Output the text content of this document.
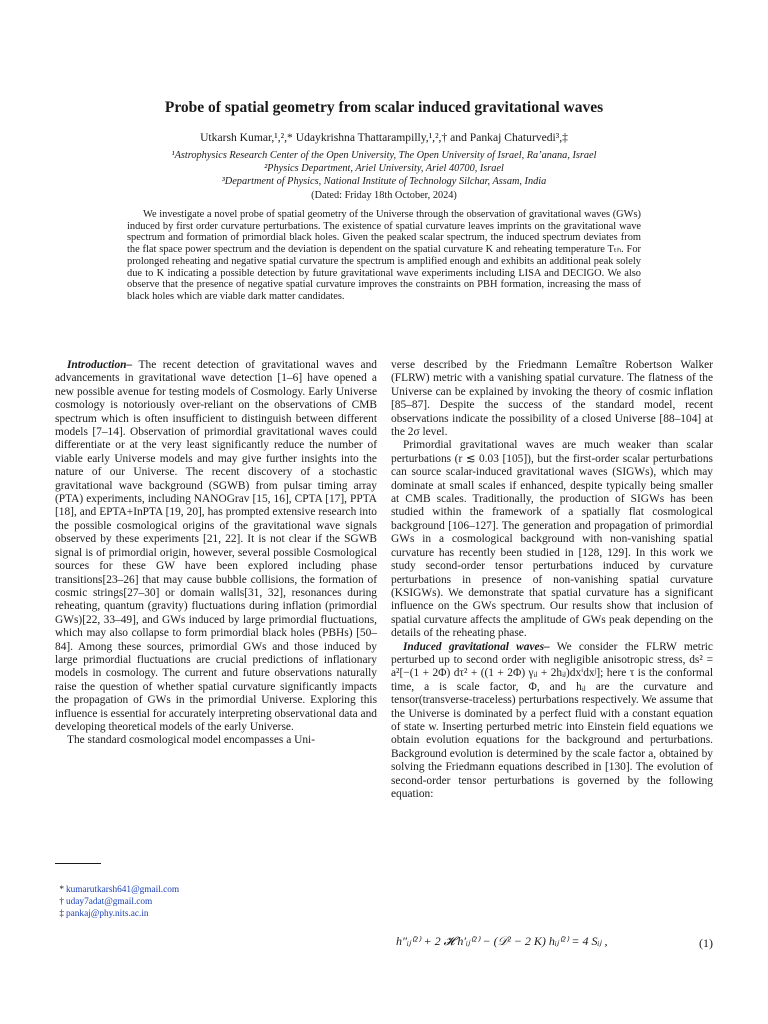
Probe of spatial geometry from scalar induced gravitational waves
Utkarsh Kumar,¹,²,* Udaykrishna Thattarampilly,¹,²,† and Pankaj Chaturvedi³,‡
¹Astrophysics Research Center of the Open University, The Open University of Israel, Ra’anana, Israel
²Physics Department, Ariel University, Ariel 40700, Israel
³Department of Physics, National Institute of Technology Silchar, Assam, India
(Dated: Friday 18th October, 2024)
We investigate a novel probe of spatial geometry of the Universe through the observation of gravitational waves (GWs) induced by first order curvature perturbations. The existence of spatial curvature leaves imprints on the gravitational wave spectrum and formation of primordial black holes. Given the peaked scalar spectrum, the induced spectrum deviates from the flat space power spectrum and the deviation is dependent on the spatial curvature K and reheating temperature Tₜₕ. For prolonged reheating and negative spatial curvature the spectrum is amplified enough and exhibits an additional peak solely due to K indicating a possible detection by future gravitational wave experiments including LISA and DECIGO. We also observe that the presence of negative spatial curvature improves the constraints on PBH formation, increasing the mass of black holes which are viable dark matter candidates.

Introduction– The recent detection of gravitational waves and advancements in gravitational wave detection [1–6] have opened a new possible avenue for testing models of Cosmology. Early Universe cosmology is notoriously over-reliant on the observations of CMB spectrum which is often insufficient to distinguish between different models [7–14]. Observation of primordial gravitational waves could differentiate or at the very least significantly reduce the number of viable early Universe models and may give further insights into the nature of our Universe. The recent discovery of a stochastic gravitational wave background (SGWB) from pulsar timing array (PTA) experiments, including NANOGrav [15, 16], CPTA [17], PPTA [18], and EPTA+InPTA [19, 20], has prompted extensive research into the possible cosmological origins of the gravitational wave signals observed by these experiments [21, 22]. It is not clear if the SGWB signal is of primordial origin, however, several possible Cosmological sources for these GW have been explored including phase transitions[23–26] that may cause bubble collisions, the formation of cosmic strings[27–30] or domain walls[31, 32], resonances during reheating, quantum (gravity) fluctuations during inflation (primordial GWs)[22, 33–49], and GWs induced by large primordial fluctuations, which may also collapse to form primordial black holes (PBHs) [50–84]. Among these sources, primordial GWs and those induced by large primordial fluctuations are crucial predictions of inflationary models in cosmology. The current and future observations naturally raise the question of whether spatial curvature significantly impacts the propagation of GWs in the primordial Universe. Exploring this influence is essential for accurately interpreting observational data and developing theoretical models of the early Universe.

The standard cosmological model encompasses a Uni-

verse described by the Friedmann Lemaître Robertson Walker (FLRW) metric with a vanishing spatial curvature. The flatness of the Universe can be explained by invoking the theory of cosmic inflation [85–87]. Despite the success of the standard model, recent observations indicate the possibility of a closed Universe [88–104] at the 2σ level.

Primordial gravitational waves are much weaker than scalar perturbations (r ≲ 0.03 [105]), but the first-order scalar perturbations can source scalar-induced gravitational waves (SIGWs), which may dominate at small scales if enhanced, despite typically being smaller at CMB scales. Traditionally, the production of SIGWs has been studied within the framework of a spatially flat cosmological background [106–127]. The generation and propagation of primordial GWs in a cosmological background with non-vanishing spatial curvature has recently been studied in [128, 129]. In this work we study second-order tensor perturbations induced by curvature perturbations in presence of non-vanishing spatial curvature (KSIGWs). We demonstrate that spatial curvature has a significant influence on the GWs spectrum. Our results show that inclusion of spatial curvature affects the amplitude of GWs peak depending on the details of the reheating phase.

Induced gravitational waves– We consider the FLRW metric perturbed up to second order with negligible anisotropic stress, ds² = a²[−(1 + 2Φ) dτ² + ((1 + 2Φ) γᵢⱼ + 2hᵢⱼ)dxⁱdxʲ]; here τ is the conformal time, a is scale factor, Φ, and hᵢⱼ are the curvature and tensor(transverse-traceless) perturbations respectively. We assume that the Universe is dominated by a perfect fluid with a constant equation of state w. Inserting perturbed metric into Einstein field equations we obtain evolution equations for the background and perturbations. Background evolution is determined by the scale factor a, obtained by solving the Friedmann equations described in [130]. The evolution of second-order tensor perturbations is governed by the following equation:

h″ᵢⱼ⁽²⁾ + 2 𝓗 h′ᵢⱼ⁽²⁾ − (𝒟² − 2 K) hᵢⱼ⁽²⁾ = 4 Sᵢⱼ ,	(1)
* kumarutkarsh641@gmail.com
† uday7adat@gmail.com
‡ pankaj@phy.nits.ac.in
